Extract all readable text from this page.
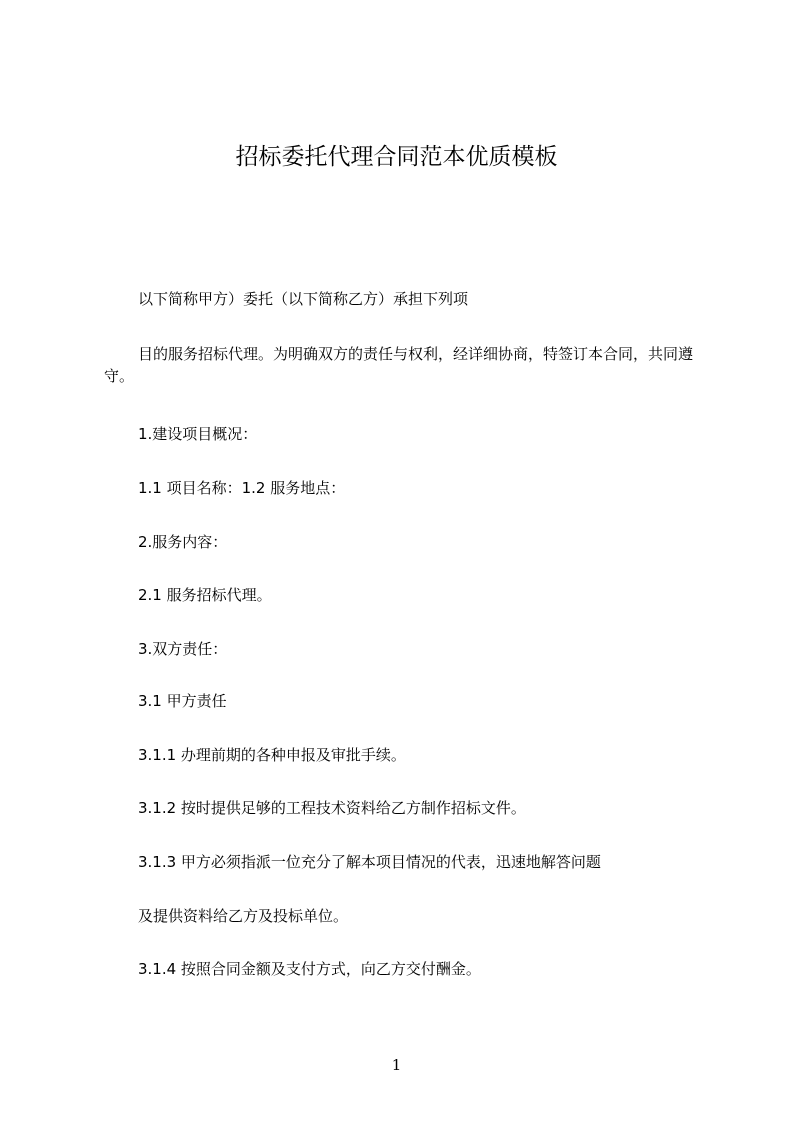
招标委托代理合同范本优质模板
以下简称甲方）委托（以下简称乙方）承担下列项
目的服务招标代理。为明确双方的责任与权利，经详细协商，特签订本合同，共同遵守。
1.建设项目概况：
1.1 项目名称：1.2 服务地点：
2.服务内容：
2.1 服务招标代理。
3.双方责任：
3.1 甲方责任
3.1.1 办理前期的各种申报及审批手续。
3.1.2 按时提供足够的工程技术资料给乙方制作招标文件。
3.1.3 甲方必须指派一位充分了解本项目情况的代表，迅速地解答问题
及提供资料给乙方及投标单位。
3.1.4 按照合同金额及支付方式，向乙方交付酬金。
1
